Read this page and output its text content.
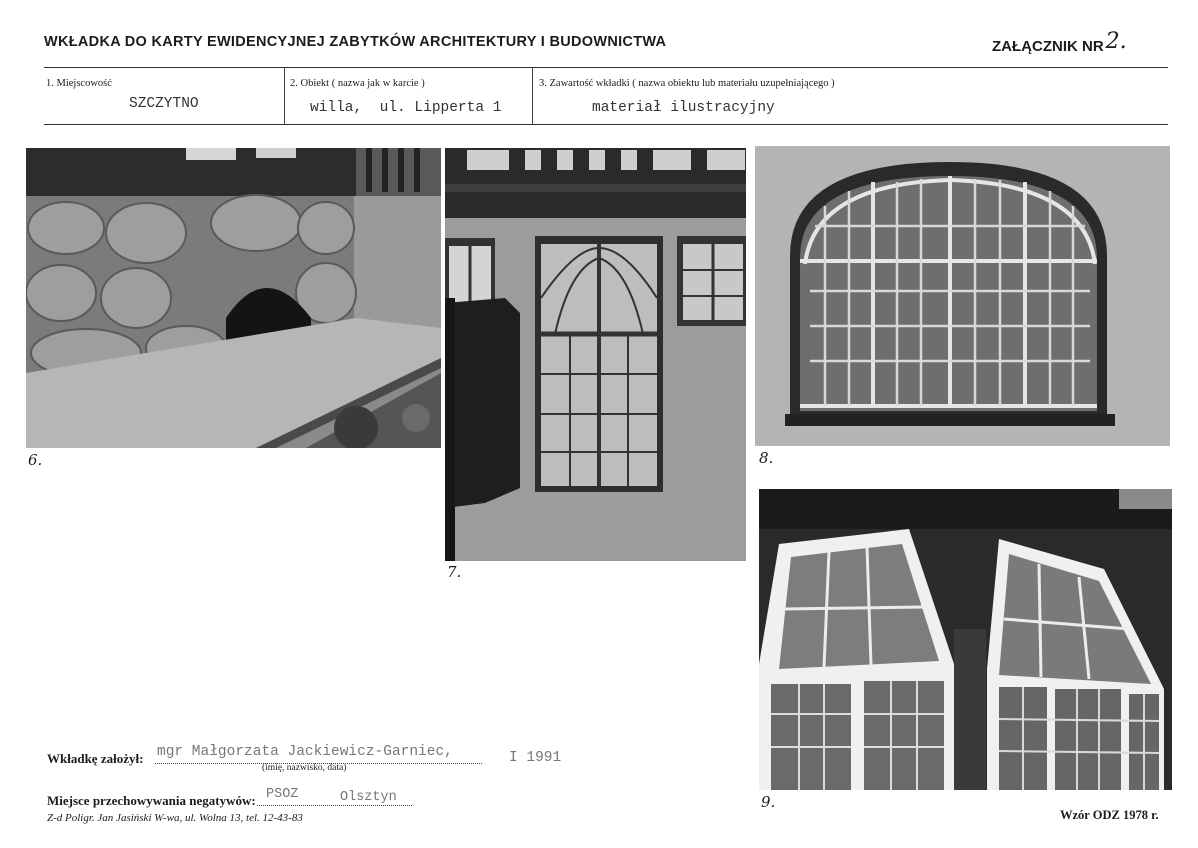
WKŁADKA DO KARTY EWIDENCYJNEJ ZABYTKÓW ARCHITEKTURY I BUDOWNICTWA	ZAŁĄCZNIK NR2.
1. Miejscowość
SZCZYTNO
2. Obiekt ( nazwa jak w karcie )
willa,  ul. Lipperta 1
3. Zawartość wkładki ( nazwa obiektu lub materiału uzupełniającego )
materiał ilustracyjny
6.
7.
8.
9.
Wkładkę założył: mgr Małgorzata Jackiewicz-Garniec,	I 1991
(imię, nazwisko, data)
Miejsce przechowywania negatywów: PSOZ	Olsztyn
Z-d Poligr. Jan Jasiński W-wa, ul. Wolna 13, tel. 12-43-83	Wzór ODZ 1978 r.
